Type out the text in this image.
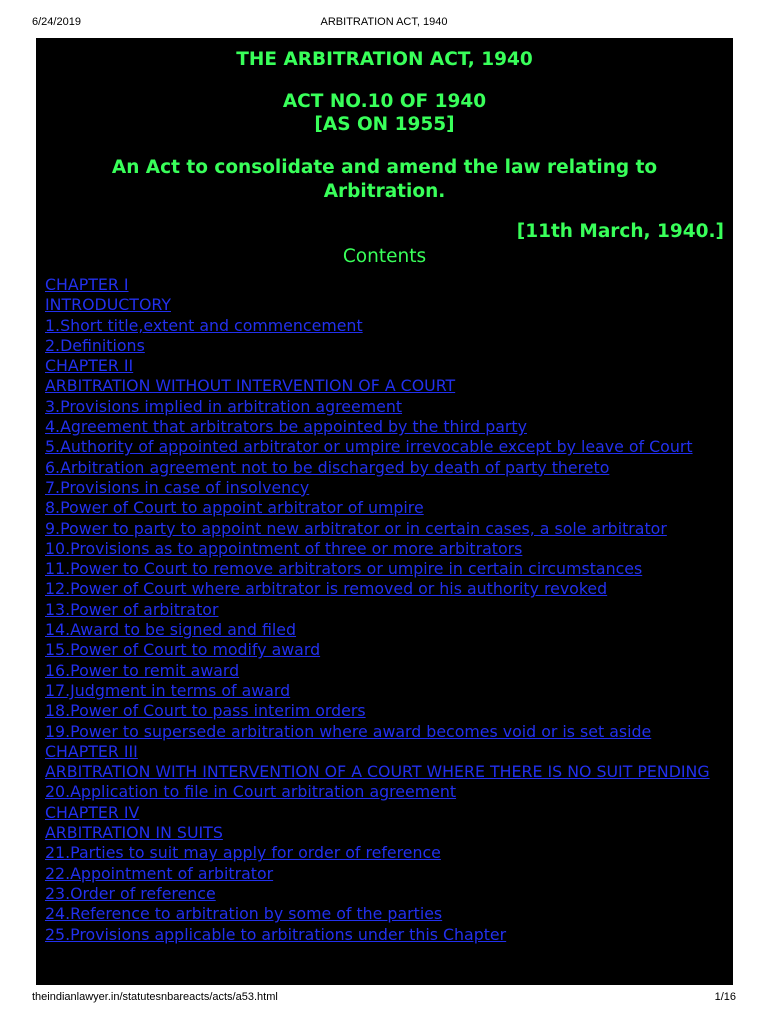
6/24/2019	ARBITRATION ACT, 1940
THE ARBITRATION ACT, 1940
ACT NO.10 OF 1940
[AS ON 1955]
An Act to consolidate and amend the law relating to Arbitration.
[11th March, 1940.]
Contents
CHAPTER I
INTRODUCTORY
1.Short title,extent and commencement
2.Definitions
CHAPTER II
ARBITRATION WITHOUT INTERVENTION OF A COURT
3.Provisions implied in arbitration agreement
4.Agreement that arbitrators be appointed by the third party
5.Authority of appointed arbitrator or umpire irrevocable except by leave of Court
6.Arbitration agreement not to be discharged by death of party thereto
7.Provisions in case of insolvency
8.Power of Court to appoint arbitrator of umpire
9.Power to party to appoint new arbitrator or in certain cases, a sole arbitrator
10.Provisions as to appointment of three or more arbitrators
11.Power to Court to remove arbitrators or umpire in certain circumstances
12.Power of Court where arbitrator is removed or his authority revoked
13.Power of arbitrator
14.Award to be signed and filed
15.Power of Court to modify award
16.Power to remit award
17.Judgment in terms of award
18.Power of Court to pass interim orders
19.Power to supersede arbitration where award becomes void or is set aside
CHAPTER III
ARBITRATION WITH INTERVENTION OF A COURT WHERE THERE IS NO SUIT PENDING
20.Application to file in Court arbitration agreement
CHAPTER IV
ARBITRATION IN SUITS
21.Parties to suit may apply for order of reference
22.Appointment of arbitrator
23.Order of reference
24.Reference to arbitration by some of the parties
25.Provisions applicable to arbitrations under this Chapter
theindianlawyer.in/statutesnbareacts/acts/a53.html	1/16
